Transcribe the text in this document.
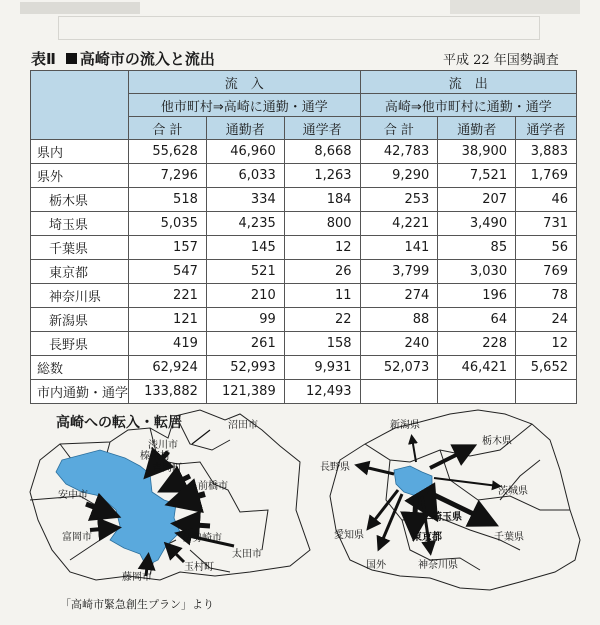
表Ⅱ 高崎市の流入と流出	平成 22 年国勢調査
	流　入			流　出		
	他市町村⇒高崎に通勤・通学			高崎⇒他市町村に通勤・通学		
	合 計	通勤者	通学者	合 計	通勤者	通学者
県内	55,628	46,960	8,668	42,783	38,900	3,883
県外	7,296	6,033	1,263	9,290	7,521	1,769
栃木県	518	334	184	253	207	46
埼玉県	5,035	4,235	800	4,221	3,490	731
千葉県	157	145	12	141	85	56
東京都	547	521	26	3,799	3,030	769
神奈川県	221	210	11	274	196	78
新潟県	121	99	22	88	64	24
長野県	419	261	158	240	228	12
総数	62,924	52,993	9,931	52,073	46,421	5,652
市内通勤・通学	133,882	121,389	12,493			
高崎への転入・転居	沼田市
渋川市
榛東村
吉岡町
前橋市
安中市
富岡市	伊勢崎市
太田市
玉村町
藤岡市
新潟県
栃木県
長野県
茨城県
埼玉県
愛知県	東京都	千葉県
国外	神奈川県
「高崎市緊急創生プラン」より
